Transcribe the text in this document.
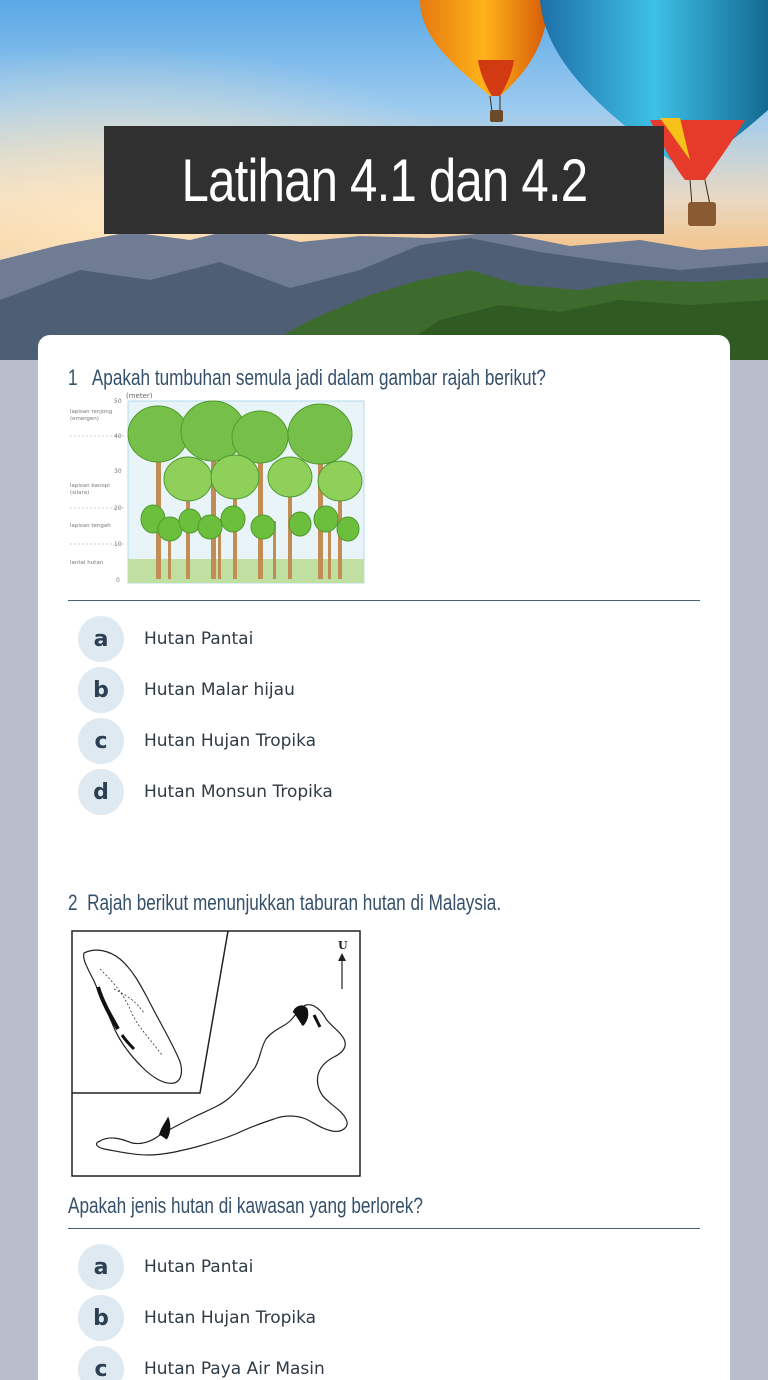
Latihan 4.1 dan 4.2
1 Apakah tumbuhan semula jadi dalam gambar rajah berikut?
(meter)
50
40
30
20
10
0
lapisan renjong
(emergen)
lapisan kanopi
(silara)
lapisan tengah
lantai hutan
a	Hutan Pantai
b	Hutan Malar hijau
c	Hutan Hujan Tropika
d	Hutan Monsun Tropika
2 Rajah berikut menunjukkan taburan hutan di Malaysia.
U
Apakah jenis hutan di kawasan yang berlorek?
a	Hutan Pantai
b	Hutan Hujan Tropika
c	Hutan Paya Air Masin
